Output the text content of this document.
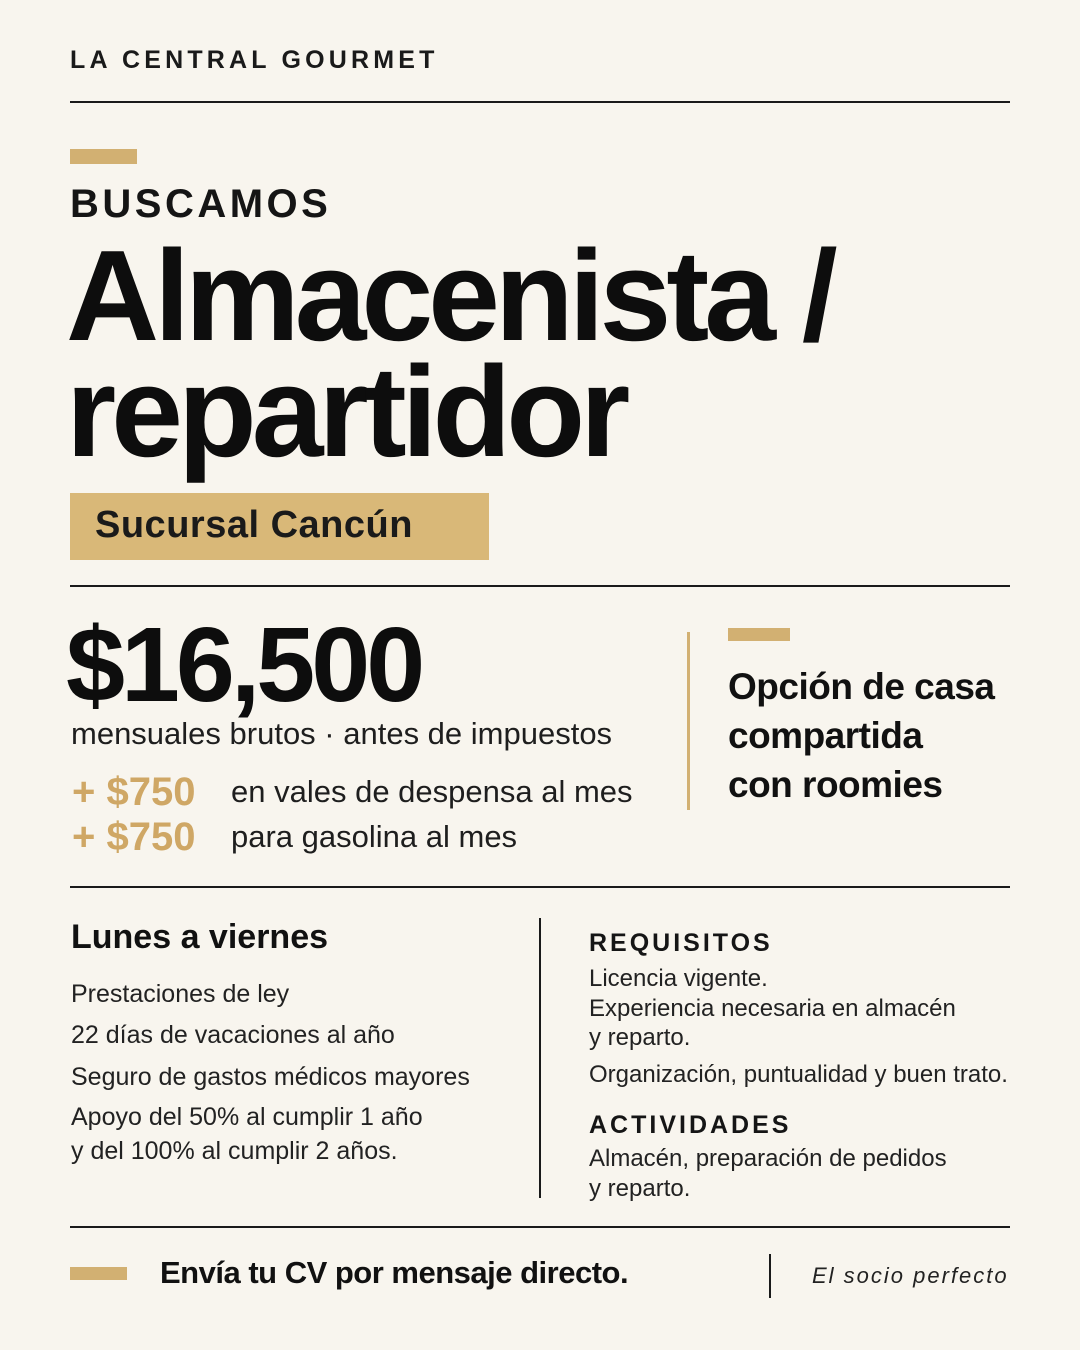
LA CENTRAL GOURMET
BUSCAMOS
Almacenista /
repartidor
Sucursal Cancún
$16,500
mensuales brutos · antes de impuestos
+ $750 en vales de despensa al mes
+ $750 para gasolina al mes
Opción de casa
compartida
con roomies
Lunes a viernes
Prestaciones de ley
22 días de vacaciones al año
Seguro de gastos médicos mayores
Apoyo del 50% al cumplir 1 año
y del 100% al cumplir 2 años.
REQUISITOS
Licencia vigente.
Experiencia necesaria en almacén
y reparto.
Organización, puntualidad y buen trato.
ACTIVIDADES
Almacén, preparación de pedidos
y reparto.
Envía tu CV por mensaje directo.	El socio perfecto
